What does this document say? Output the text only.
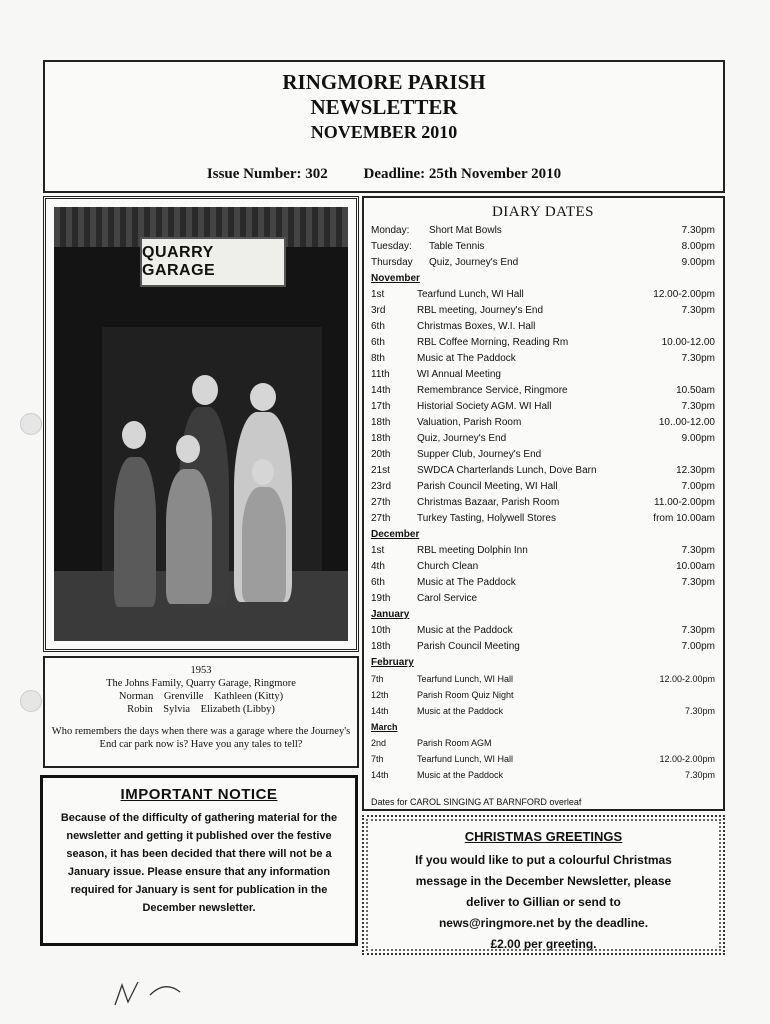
RINGMORE PARISH
NEWSLETTER
NOVEMBER 2010
Issue Number: 302 Deadline: 25th November 2010
QUARRY GARAGE
1953
The Johns Family, Quarry Garage, Ringmore
Norman    Grenville    Kathleen (Kitty)
Robin    Sylvia    Elizabeth (Libby)
Who remembers the days when there was a garage where the Journey's End car park now is? Have you any tales to tell?
IMPORTANT NOTICE
Because of the difficulty of gathering material for the newsletter and getting it published over the festive season, it has been decided that there will not be a January issue. Please ensure that any information required for January is sent for publication in the December newsletter.
DIARY DATES
Monday:	Short Mat Bowls	7.30pm
Tuesday:	Table Tennis	8.00pm
Thursday	Quiz, Journey's End	9.00pm
November
1st	Tearfund Lunch, WI Hall	12.00-2.00pm
3rd	RBL meeting, Journey's End	7.30pm
6th	Christmas Boxes, W.I. Hall
6th	RBL Coffee Morning, Reading Rm	10.00-12.00
8th	Music at The Paddock	7.30pm
11th	WI Annual Meeting
14th	Remembrance Service, Ringmore	10.50am
17th	Historial Society AGM. WI Hall	7.30pm
18th	Valuation, Parish Room	10..00-12.00
18th	Quiz, Journey's End	9.00pm
20th	Supper Club, Journey's End
21st	SWDCA Charterlands Lunch, Dove Barn	12.30pm
23rd	Parish Council Meeting, WI Hall	7.00pm
27th	Christmas Bazaar, Parish Room	11.00-2.00pm
27th	Turkey Tasting, Holywell Stores	from 10.00am
December
1st	RBL meeting Dolphin Inn	7.30pm
4th	Church Clean	10.00am
6th	Music at The Paddock	7.30pm
19th	Carol Service
January
10th	Music at the Paddock	7.30pm
18th	Parish Council Meeting	7.00pm
February
7th	Tearfund Lunch, WI Hall	12.00-2.00pm
12th	Parish Room Quiz Night
14th	Music at the Paddock	7.30pm
March
2nd	Parish Room AGM
7th	Tearfund Lunch, WI Hall	12.00-2.00pm
14th	Music at the Paddock	7.30pm
Dates for CAROL SINGING AT BARNFORD overleaf
CHRISTMAS GREETINGS
If you would like to put a colourful Christmas
message in the December Newsletter, please
deliver to Gillian or send to
news@ringmore.net by the deadline.
£2.00 per greeting.
